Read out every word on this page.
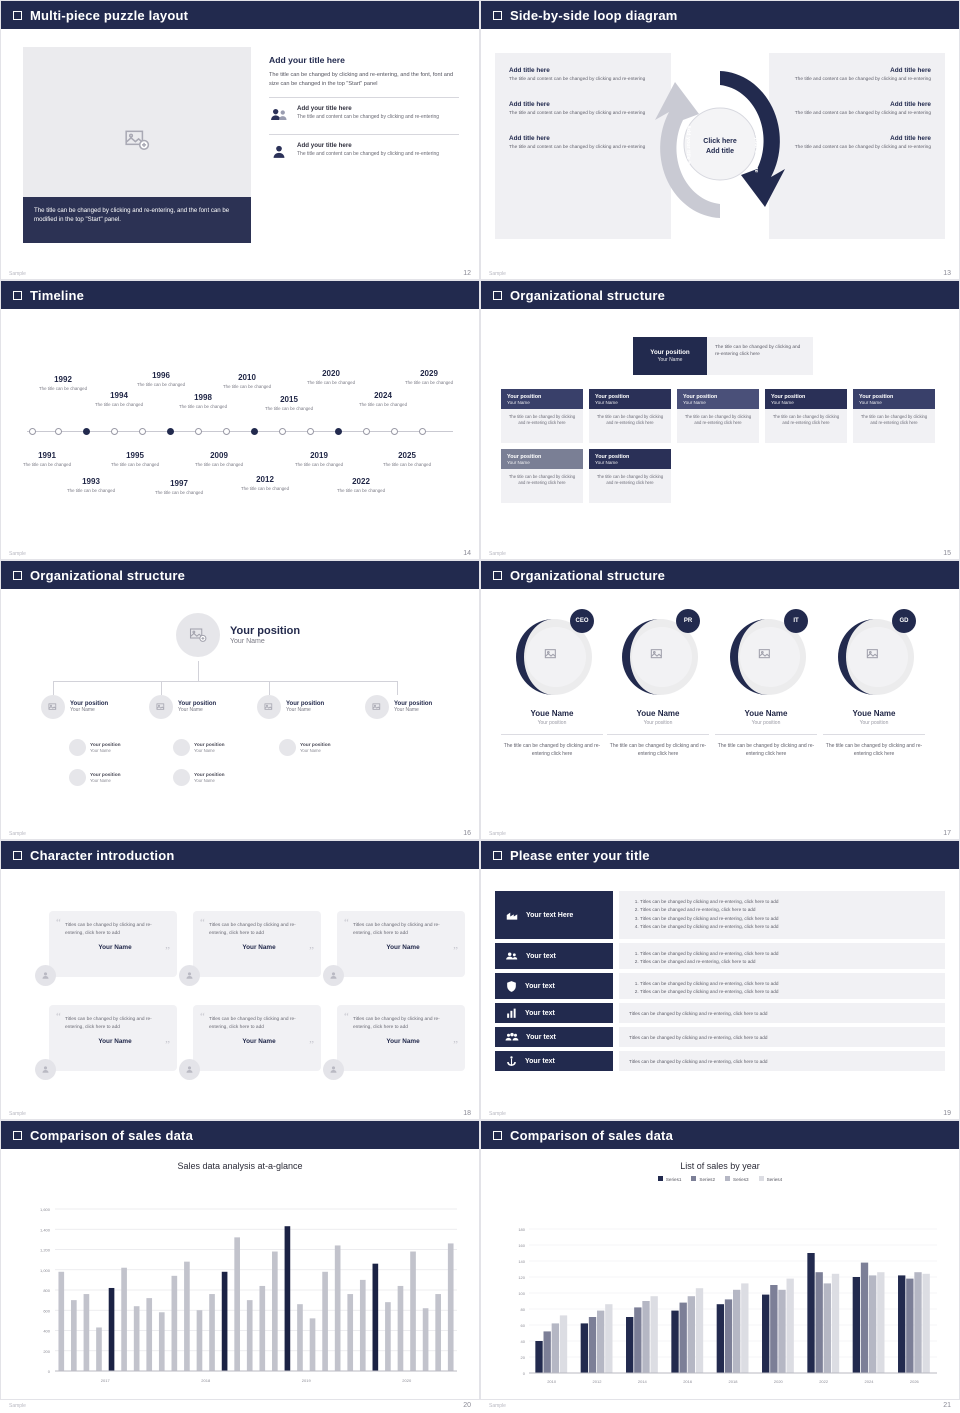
Multi-piece puzzle layout
The title can be changed by clicking and re-entering, and the font can be modified in the top "Start" panel.
Add your title here
The title can be changed by clicking and re-entering, and the font, font and size can be changed in the top "Start" panel
Add your title here
The title and content can be changed by clicking and re-entering
Add your title here
The title and content can be changed by clicking and re-entering
Sample	12
Side-by-side loop diagram
Add title here
The title and content can be changed by clicking and re-entering
Add title here
The title and content can be changed by clicking and re-entering
Add title here
The title and content can be changed by clicking and re-entering
Add title here
The title and content can be changed by clicking and re-entering
Add title here
The title and content can be changed by clicking and re-entering
Add title here
The title and content can be changed by clicking and re-entering
Click here
Add title
Add your title here	Add your title here
Sample	13
Timeline
1992
The title can be changed
1996
The title can be changed
2010
The title can be changed
2020
The title can be changed
2029
The title can be changed
1994
The title can be changed
1998
The title can be changed
2015
The title can be changed
2024
The title can be changed
1991
The title can be changed
1995
The title can be changed
2009
The title can be changed
2019
The title can be changed
2025
The title can be changed
1993
The title can be changed
1997
The title can be changed
2012
The title can be changed
2022
The title can be changed
Sample	14
Organizational structure
Your position
Your Name
The title can be changed by clicking and re-entering click here
Your position
Your Name
The title can be changed by clicking and re-entering click here
Your position
Your Name
The title can be changed by clicking and re-entering click here
Your position
Your Name
The title can be changed by clicking and re-entering click here
Your position
Your Name
The title can be changed by clicking and re-entering click here
Your position
Your Name
The title can be changed by clicking and re-entering click here
Your position
Your Name
The title can be changed by clicking and re-entering click here
Your position
Your Name
The title can be changed by clicking and re-entering click here
Sample	15
Organizational structure
Your position
Your Name
Your position
Your Name
Your position
Your Name
Your position
Your Name
Your position
Your Name
Your position
Your Name
Your position
Your Name
Your position
Your Name
Your position
Your Name
Your position
Your Name
Sample	16
Organizational structure
CEO
Youe Name
Your position
The title can be changed by clicking and re-entering click here
PR
Youe Name
Your position
The title can be changed by clicking and re-entering click here
IT
Youe Name
Your position
The title can be changed by clicking and re-entering click here
GD
Youe Name
Your position
The title can be changed by clicking and re-entering click here
Sample	17
Character introduction
“
”
Titles can be changed by clicking and re-entering, click here to add
Your Name
“
”
Titles can be changed by clicking and re-entering, click here to add
Your Name
“
”
Titles can be changed by clicking and re-entering, click here to add
Your Name
“
”
Titles can be changed by clicking and re-entering, click here to add
Your Name
“
”
Titles can be changed by clicking and re-entering, click here to add
Your Name
“
”
Titles can be changed by clicking and re-entering, click here to add
Your Name
Sample	18
Please enter your title
Your text Here
1. Titles can be changed by clicking and re-entering, click here to add
2. Titles can be changed and re-entering, click here to add
3. Titles can be changed by clicking and re-entering, click here to add
4. Titles can be changed by clicking and re-entering, click here to add
Your text	1. Titles can be changed by clicking and re-entering, click here to add
2. Titles can be changed and re-entering, click here to add
Your text	1. Titles can be changed by clicking and re-entering, click here to add
2. Titles can be changed by clicking and re-entering, click here to add
Your text	Titles can be changed by clicking and re-entering, click here to add
Your text	Titles can be changed by clicking and re-entering, click here to add
Your text	Titles can be changed by clicking and re-entering, click here to add
Sample	19
Comparison of sales data
Sales data analysis at-a-glance
0
200
400
600
800
1,000
1,200
1,400
1,600
2017	2018	2019	2020
Sample	20
Comparison of sales data
List of sales by year
Series1	Series2	Series3	Series4
0
20
40
60
80
100
120
140
160
180
2010	2012	2014	2016	2018	2020	2022	2024	2026
Sample	21
